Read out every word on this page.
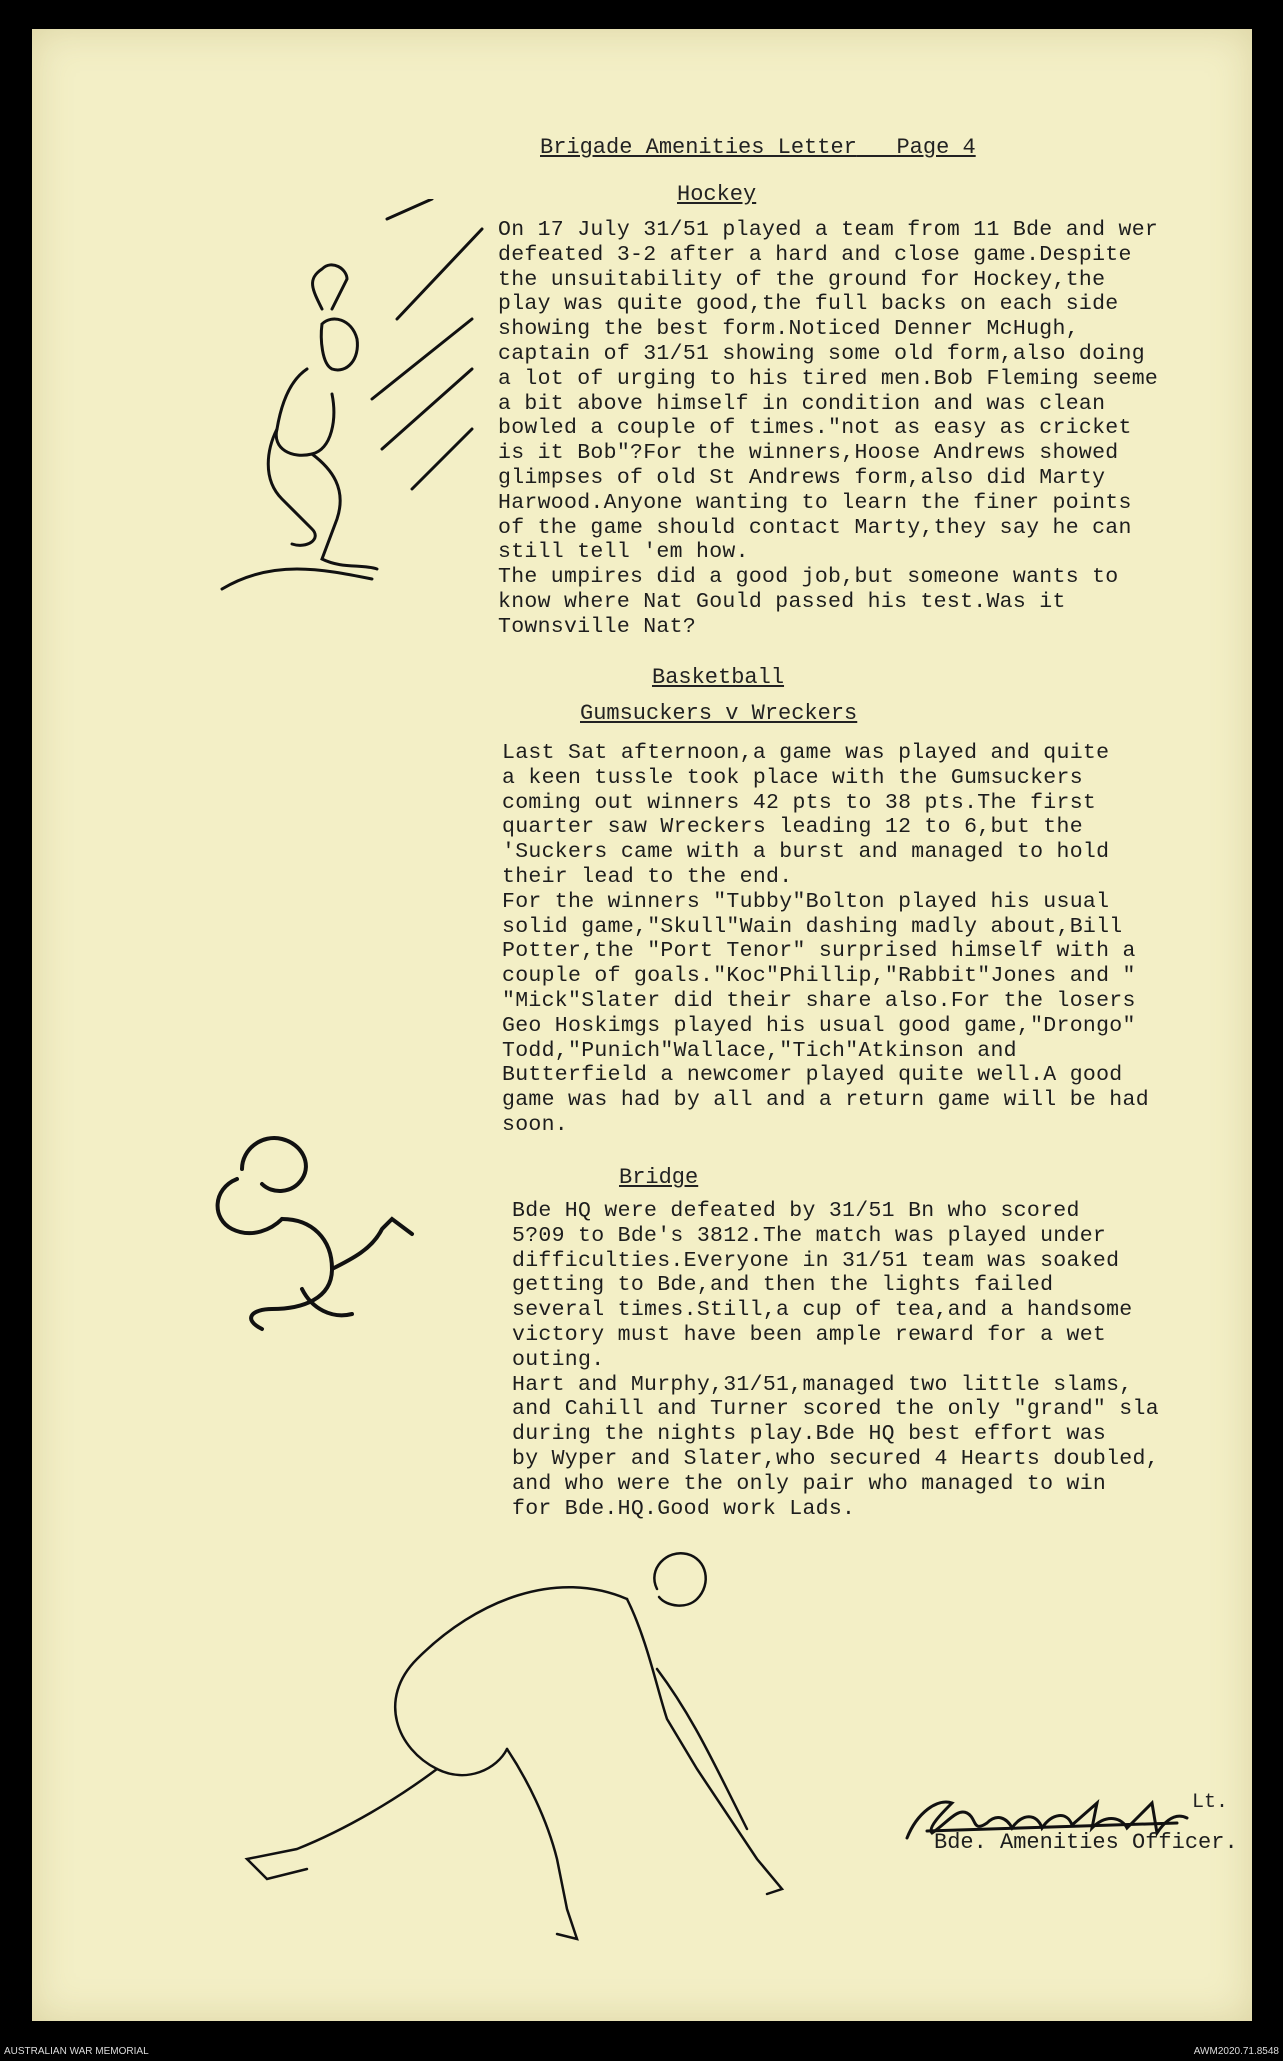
Brigade Amenities Letter Page 4
Hockey
On 17 July 31/51 played a team from 11 Bde and wer
defeated 3-2 after a hard and close game.Despite
the unsuitability of the ground for Hockey,the
play was quite good,the full backs on each side
showing the best form.Noticed Denner McHugh,
captain of 31/51 showing some old form,also doing
a lot of urging to his tired men.Bob Fleming seeme
a bit above himself in condition and was clean
bowled a couple of times."not as easy as cricket
is it Bob"?For the winners,Hoose Andrews showed
glimpses of old St Andrews form,also did Marty
Harwood.Anyone wanting to learn the finer points
of the game should contact Marty,they say he can
still tell 'em how.
The umpires did a good job,but someone wants to
know where Nat Gould passed his test.Was it
Townsville Nat?
Basketball
Gumsuckers v Wreckers
Last Sat afternoon,a game was played and quite
a keen tussle took place with the Gumsuckers
coming out winners 42 pts to 38 pts.The first
quarter saw Wreckers leading 12 to 6,but the
'Suckers came with a burst and managed to hold
their lead to the end.
For the winners "Tubby"Bolton played his usual
solid game,"Skull"Wain dashing madly about,Bill
Potter,the "Port Tenor" surprised himself with a
couple of goals."Koc"Phillip,"Rabbit"Jones and "
"Mick"Slater did their share also.For the losers
Geo Hoskimgs played his usual good game,"Drongo"
Todd,"Punich"Wallace,"Tich"Atkinson and
Butterfield a newcomer played quite well.A good
game was had by all and a return game will be had
soon.
Bridge
Bde HQ were defeated by 31/51 Bn who scored
5?09 to Bde's 3812.The match was played under
difficulties.Everyone in 31/51 team was soaked
getting to Bde,and then the lights failed
several times.Still,a cup of tea,and a handsome
victory must have been ample reward for a wet
outing.
Hart and Murphy,31/51,managed two little slams,
and Cahill and Turner scored the only "grand" sla
during the nights play.Bde HQ best effort was
by Wyper and Slater,who secured 4 Hearts doubled,
and who were the only pair who managed to win
for Bde.HQ.Good work Lads.
Lt.
Bde. Amenities Officer.
AUSTRALIAN WAR MEMORIAL	AWM2020.71.8548
